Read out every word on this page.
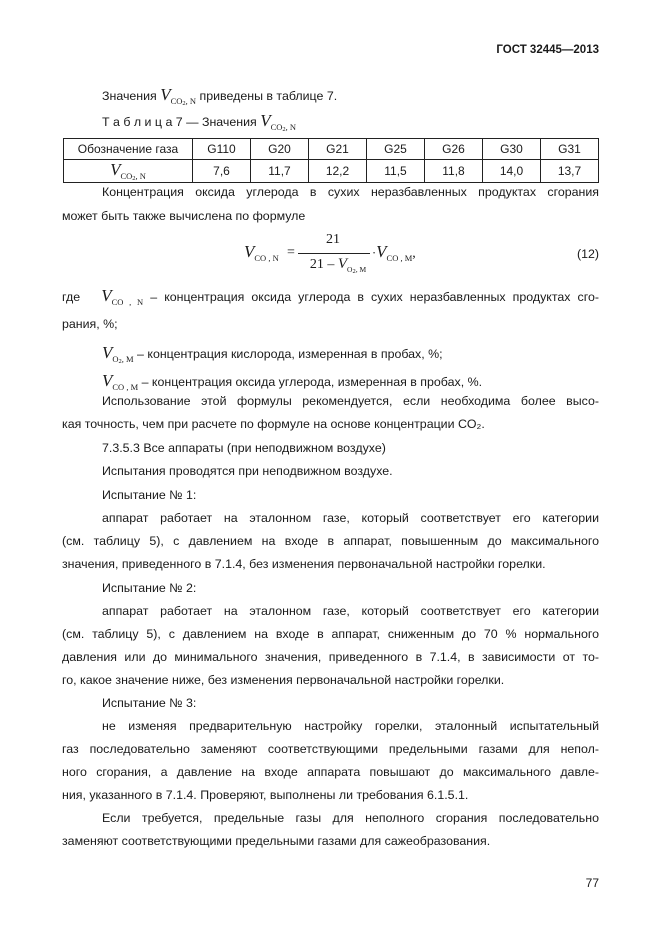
ГОСТ 32445—2013
Значения $V_{CO2, N}$ приведены в таблице 7.
Т а б л и ц а 7 — Значения $V_{CO2, N}$
Обозначение газа	G110	G20	G21	G25	G26	G30	G31
$V_{CO2, N}$	7,6	11,7	12,2	11,5	11,8	14,0	13,7
Концентрация оксида углерода в сухих неразбавленных продуктах сгорания
может быть также вычислена по формуле
$V_{CO , N}$ =
21
$21 - V_{O2, M}$
$\cdot V_{CO , M}$,	(12)
где $V_{CO , N}$ – концентрация оксида углерода в сухих неразбавленных продуктах сго-
рания, %;
$V_{O2, M}$ – концентрация кислорода, измеренная в пробах, %;
$V_{CO , M}$ – концентрация оксида углерода, измеренная в пробах, %.
Использование этой формулы рекомендуется, если необходима более высо-
кая точность, чем при расчете по формуле на основе концентрации CO₂.
7.3.5.3 Все аппараты (при неподвижном воздухе)
Испытания проводятся при неподвижном воздухе.
Испытание № 1:
аппарат работает на эталонном газе, который соответствует его категории
(см. таблицу 5), с давлением на входе в аппарат, повышенным до максимального
значения, приведенного в 7.1.4, без изменения первоначальной настройки горелки.
Испытание № 2:
аппарат работает на эталонном газе, который соответствует его категории
(см. таблицу 5), с давлением на входе в аппарат, сниженным до 70 % нормального
давления или до минимального значения, приведенного в 7.1.4, в зависимости от то-
го, какое значение ниже, без изменения первоначальной настройки горелки.
Испытание № 3:
не изменяя предварительную настройку горелки, эталонный испытательный
газ последовательно заменяют соответствующими предельными газами для непол-
ного сгорания, а давление на входе аппарата повышают до максимального давле-
ния, указанного в 7.1.4. Проверяют, выполнены ли требования 6.1.5.1.
Если требуется, предельные газы для неполного сгорания последовательно
заменяют соответствующими предельными газами для сажеобразования.
77
